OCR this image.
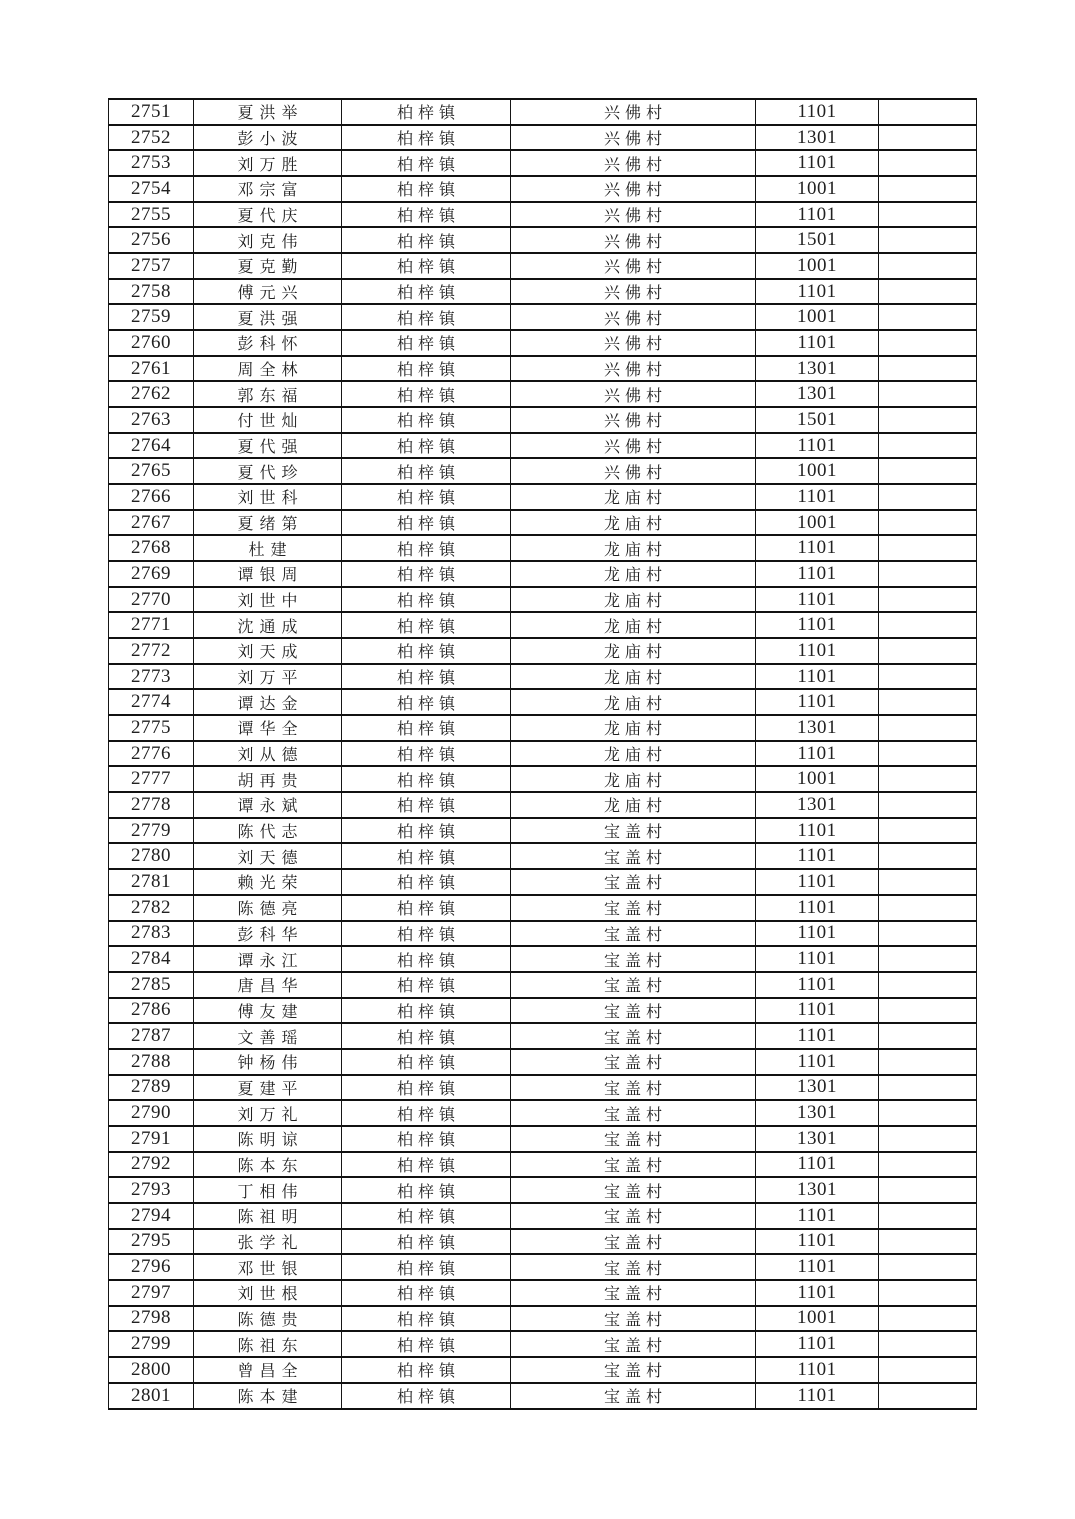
2751	夏洪举	柏梓镇	兴佛村	1101	
2752	彭小波	柏梓镇	兴佛村	1301	
2753	刘万胜	柏梓镇	兴佛村	1101	
2754	邓宗富	柏梓镇	兴佛村	1001	
2755	夏代庆	柏梓镇	兴佛村	1101	
2756	刘克伟	柏梓镇	兴佛村	1501	
2757	夏克勤	柏梓镇	兴佛村	1001	
2758	傅元兴	柏梓镇	兴佛村	1101	
2759	夏洪强	柏梓镇	兴佛村	1001	
2760	彭科怀	柏梓镇	兴佛村	1101	
2761	周全林	柏梓镇	兴佛村	1301	
2762	郭东福	柏梓镇	兴佛村	1301	
2763	付世灿	柏梓镇	兴佛村	1501	
2764	夏代强	柏梓镇	兴佛村	1101	
2765	夏代珍	柏梓镇	兴佛村	1001	
2766	刘世科	柏梓镇	龙庙村	1101	
2767	夏绪第	柏梓镇	龙庙村	1001	
2768	杜建	柏梓镇	龙庙村	1101	
2769	谭银周	柏梓镇	龙庙村	1101	
2770	刘世中	柏梓镇	龙庙村	1101	
2771	沈通成	柏梓镇	龙庙村	1101	
2772	刘天成	柏梓镇	龙庙村	1101	
2773	刘万平	柏梓镇	龙庙村	1101	
2774	谭达金	柏梓镇	龙庙村	1101	
2775	谭华全	柏梓镇	龙庙村	1301	
2776	刘从德	柏梓镇	龙庙村	1101	
2777	胡再贵	柏梓镇	龙庙村	1001	
2778	谭永斌	柏梓镇	龙庙村	1301	
2779	陈代志	柏梓镇	宝盖村	1101	
2780	刘天德	柏梓镇	宝盖村	1101	
2781	赖光荣	柏梓镇	宝盖村	1101	
2782	陈德亮	柏梓镇	宝盖村	1101	
2783	彭科华	柏梓镇	宝盖村	1101	
2784	谭永江	柏梓镇	宝盖村	1101	
2785	唐昌华	柏梓镇	宝盖村	1101	
2786	傅友建	柏梓镇	宝盖村	1101	
2787	文善瑶	柏梓镇	宝盖村	1101	
2788	钟杨伟	柏梓镇	宝盖村	1101	
2789	夏建平	柏梓镇	宝盖村	1301	
2790	刘万礼	柏梓镇	宝盖村	1301	
2791	陈明谅	柏梓镇	宝盖村	1301	
2792	陈本东	柏梓镇	宝盖村	1101	
2793	丁相伟	柏梓镇	宝盖村	1301	
2794	陈祖明	柏梓镇	宝盖村	1101	
2795	张学礼	柏梓镇	宝盖村	1101	
2796	邓世银	柏梓镇	宝盖村	1101	
2797	刘世根	柏梓镇	宝盖村	1101	
2798	陈德贵	柏梓镇	宝盖村	1001	
2799	陈祖东	柏梓镇	宝盖村	1101	
2800	曾昌全	柏梓镇	宝盖村	1101	
2801	陈本建	柏梓镇	宝盖村	1101	
